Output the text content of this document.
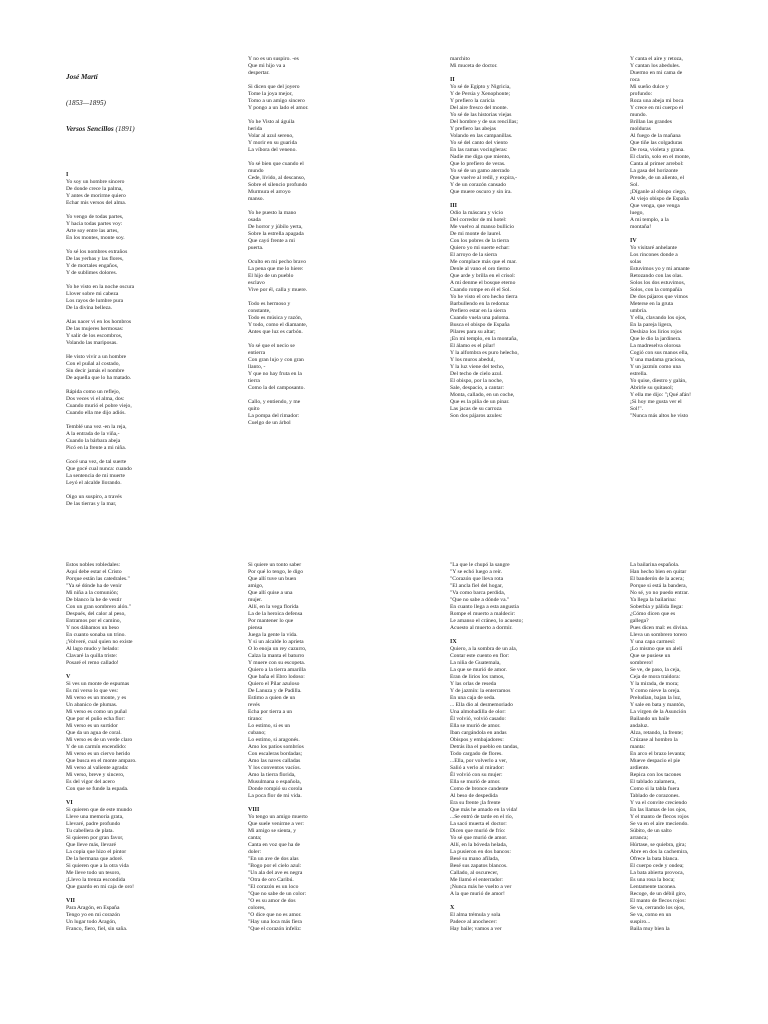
José Martí

(1853—1895)

Versos Sencillos (1891)

I
Yo soy un hombre sincero
De donde crece la palma,
Y antes de morirme quiero
Echar mis versos del alma.
Yo vengo de todas partes,
Y hacia todas partes voy:
Arte soy entre las artes,
En los montes, monte soy.
Yo sé los nombres extraños
De las yerbas y las flores,
Y de mortales engaños,
Y de sublimes dolores.
Yo he visto en la noche oscura
Llover sobre mi cabeza
Los rayos de lumbre pura
De la divina belleza.
Alas nacer vi en los hombros
De las mujeres hermosas:
Y salir de los escombros,
Volando las mariposas.
He visto vivir a un hombre
Con el puñal al costado,
Sin decir jamás el nombre
De aquella que lo ha matado.
Rápida como un reflejo,
Dos veces vi el alma, dos:
Cuando murió el pobre viejo,
Cuando ella me dijo adiós.
Temblé una vez -en la reja,
A la entrada de la viña,-
Cuando la bárbara abeja
Picó en la frente a mi niña.
Gocé una vez, de tal suerte
Que gocé cual nunca: cuando
La sentencia de mi muerte
Leyó el alcalde llorando.
Oigo un suspiro, a través
De las tierras y la mar,

Y no es un suspiro. -es
Que mi hijo va a
despertar.
Si dicen que del joyero
Tome la joya mejor,
Tomo a un amigo sincero
Y pongo a un lado el amor.
Yo he Visto al águila
herida
Volar al azul sereno,
Y morir en su guarida
La víbora del veneno.
Yo sé bien que cuando el
mundo
Cede, lívido, al descanso,
Sobre el silencio profundo
Murmura el arroyo
manso.
Yo he puesto la mano
osada
De horror y júbilo yerta,
Sobre la estrella apagada
Que cayó frente a mi
puerta.
Oculto en mi pecho bravo
La pena que me lo hiere:
El hijo de un pueblo
esclavo
Vive por él, calla y muere.
Todo es hermoso y
constante,
Todo es música y razón,
Y todo, como el diamante,
Antes que luz es carbón.
Yo sé que el necio se
entierra
Con gran lujo y con gran
llanto, -
Y que no hay fruta en la
tierra
Como la del camposanto.
Callo, y entiendo, y me
quito
La pompa del rimador:
Cuelgo de un árbol

marchito
Mi muceta de doctor.
II
Yo sé de Egipto y Nigricia,
Y de Persia y Xenophonte;
Y prefiero la caricia
Del aire fresco del monte.
Yo sé de las historias viejas
Del hombre y de sus rencillas;
Y prefiero las abejas
Volando en las campanillas.
Yo sé del canto del viento
En las ramas vocingleras:
Nadie me diga que miento,
Que lo prefiero de veras.
Yo sé de un gamo aterrado
Que vuelve al redil, y expira,-
Y de un corazón cansado
Que muere oscuro y sin ira.
III
Odio la máscara y vicio
Del corredor de mi hotel:
Me vuelvo al manso bullicio
De mi monte de laurel.
Con los pobres de la tierra
Quiero yo mi suerte echar:
El arroyo de la sierra
Me complace más que el mar.
Denle al vano el oro tierno
Que arde y brilla en el crisol:
A mí denme el bosque eterno
Cuando rompe en él el Sol.
Yo he visto el oro hecho tierra
Barbullendo en la redoma:
Prefiero estar en la sierra
Cuando vuela una paloma.
Busca el obispo de España
Pilares para su altar;
¡En mi templo, en la montaña,
El álamo es el pilar!
Y la alfombra es puro helecho,
Y los muros abedul,
Y la luz viene del techo,
Del techo de cielo azul.
El obispo, por la noche,
Sale, despacio, a cantar:
Monta, callado, en un coche,
Que es la piña de un pinar.
Las jacas de su carroza
Son dos pájaros azules:

Y canta el aire y retoza,
Y cantan los abedules.
Duermo en mi cama de
roca
Mi sueño dulce y
profundo:
Roza una abeja mi boca
Y crece en mi cuerpo el
mundo.
Brillan las grandes
molduras
Al fuego de la mañana
Que tiñe las colgaduras
De rosa, violeta y grana.
El clarín, solo en el monte,
Canta al primer arrebol:
La gasa del horizonte
Prende, de un aliento, el
Sol.
¡Díganle al obispo ciego,
Al viejo obispo de España
Que venga, que venga
luego,
A mi templo, a la
montaña!
IV
Yo visitaré anhelante
Los rincones donde a
solas
Estuvimos yo y mi amante
Retozando con las olas.
Solos los dos estuvimos,
Solos, con la compañía
De dos pájaros que vimos
Meterse en la gruta
umbría.
Y ella, clavando los ojos,
En la pareja ligera,
Deshizo los lirios rojos
Que le dio la jardinera.
La madreselva olorosa
Cogió con sus manos ella,
Y una madama graciosa,
Y un jazmín como una
estrella.
Yo quise, diestro y galán,
Abrirle su quitasol;
Y ella me dijo: "¡Qué afán!
¡Si hoy me gusta ver el
Sol!".
"Nunca más altos he visto

Estos nobles robledales:
Aquí debe estar el Cristo
Porque están las catedrales."
"Ya sé dónde ha de venir
Mi niña a la comunión;
De blanco la he de vestir
Con un gran sombrero alón."
Después, del calor al peso,
Entramos por el camino,
Y nos dábamos un beso
En cuanto sonaba un trino.
¡Volveré, cual quien no existe
Al lago mudo y helado:
Clavaré la quilla triste:
Posaré el remo callado!
V
Si ves un monte de espumas
Es mi verso lo que ves:
Mi verso es un monte, y es
Un abanico de plumas.
Mi verso es como un puñal
Que por el puño echa flor:
Mi verso es un surtidor
Que da un agua de coral.
Mi verso es de un verde claro
Y de un carmín encendido:
Mi verso es un ciervo herido
Que busca en el monte amparo.
Mi verso al valiente agrada:
Mi verso, breve y sincero,
Es del vigor del acero
Con que se funde la espada.
VI
Si quieren que de este mundo
Lleve una memoria grata,
Llevaré, padre profundo
Tu cabellera de plata.
Si quieren por gran favor,
Que lleve más, llevaré
La copia que hizo el pintor
De la hermana que adoré.
Si quieren que a la otra vida
Me lleve todo un tesoro,
¡Llevo la trenza escondida
Que guardo en mi caja de oro!
VII
Para Aragón, en España
Tengo yo en mi corazón
Un lugar todo Aragón,
Franco, fiero, fiel, sin saña.

Si quiere un tonto saber
Por qué lo tengo, le digo
Que allí tuve un buen
amigo,
Que allí quise a una
mujer.
Allí, en la vega florida
La de la heroica defensa
Por mantener lo que
piensa
Juega la gente la vida.
Y si un alcalde lo aprieta
O lo enoja un rey cazurro,
Calza la manta el baturro
Y muere con su escopeta.
Quiero a la tierra amarilla
Que baña el Ebro lodoso:
Quiero el Pilar azuloso
De Lanuza y de Padilla.
Estimo a quien de un
revés
Echa por tierra a un
tirano:
Lo estimo, si es un
cubano;
Lo estimo, si aragonés.
Amo los patios sombríos
Con escaleras bordadas;
Amo las naves calladas
Y los conventos vacíos.
Amo la tierra florida,
Musulmana o española,
Donde rompió su corola
La poca flor de mi vida.
VIII
Yo tengo un amigo muerto
Que suele venirme a ver:
Mi amigo se sienta, y
canta;
Canta en voz que ha de
doler:
"En un ave de dos alas
"Bogo por el cielo azul:
"Un ala del ave es negra
"Otra de oro Caribú.
"El corazón es un loco
"Que no sabe de un color:
"O es su amor de dos
colores,
"O dice que no es amor.
"Hay una loca más fiera
"Que el corazón infeliz:

"La que le chupó la sangre
"Y se echó luego a reír.
"Corazón que lleva rota
"El ancla fiel del hogar,
"Va como barca perdida,
"Que no sabe a dónde va."
En cuanto llega a esta angustia
Rompe el muerto a maldecir:
Le amanso el cráneo, lo acuesto;
Acuesto al muerto a dormir.
IX
Quiero, a la sombra de un ala,
Contar este cuento en flor:
La niña de Guatemala,
La que se murió de amor.
Eran de lirios los ramos,
Y las orlas de reseda
Y de jazmín: la enterramos
En una caja de seda.
... Ella dio al desmemoriado
Una almohadilla de olor:
Él volvió, volvió casado:
Ella se murió de amor.
Iban cargándola en andas
Obispos y embajadores:
Detrás iba el pueblo en tandas,
Todo cargado de flores.
...Ella, por volverlo a ver,
Salió a verlo al mirador:
Él volvió con su mujer:
Ella se murió de amor.
Como de bronce candente
Al beso de despedida
Era su frente ¡la frente
Que más he amado en la vida!
...Se entró de tarde en el río,
La sacó muerta el doctor:
Dicen que murió de frío:
Yo sé que murió de amor.
Allí, en la bóveda helada,
La pusieron en dos bancos:
Besé su mano afilada,
Besé sus zapatos blancos.
Callado, al oscurecer,
Me llamó el enterrador:
¡Nunca más he vuelto a ver
A la que murió de amor!
X
El alma trémula y sola
Padece al anochecer:
Hay baile; vamos a ver

La bailarina española.
Han hecho bien en quitar
El banderón de la acera;
Porque si está la bandera,
No sé, yo no puedo entrar.
Ya llega la bailarina:
Soberbia y pálida llega:
¿Cómo dicen que es
gallega?
Pues dicen mal: es divina.
Lleva un sombrero torero
Y una capa carmesí:
¡Lo mismo que un alelí
Que se pusiese un
sombrero!
Se ve, de paso, la ceja,
Ceja de mora traidora:
Y la mirada, de mora;
Y como nieve la oreja.
Preludian, bajan la luz,
Y sale en bata y mantón,
La virgen de la Asunción
Bailando un baile
andaluz.
Alza, retando, la frente;
Crúzase al hombro la
manta:
En arco el brazo levanta;
Mueve despacio el pie
ardiente.
Repica con los tacones
El tablado zalamera,
Como si la tabla fuera
Tablado de corazones.
Y va el convite creciendo
En las llamas de los ojos,
Y el manto de flecos rojos
Se va en el aire meciendo.
Súbito, de un salto
arranca;
Húrtase, se quiebra, gira;
Abre en dos la cachemira,
Ofrece la bata blanca.
El cuerpo cede y ondea;
La bata abierta provoca,
Es una rosa la boca;
Lentamente taconea.
Recoge, de un débil giro,
El manto de flecos rojos:
Se va, cerrando los ojos,
Se va, como en un
suspiro...
Baila muy bien la
